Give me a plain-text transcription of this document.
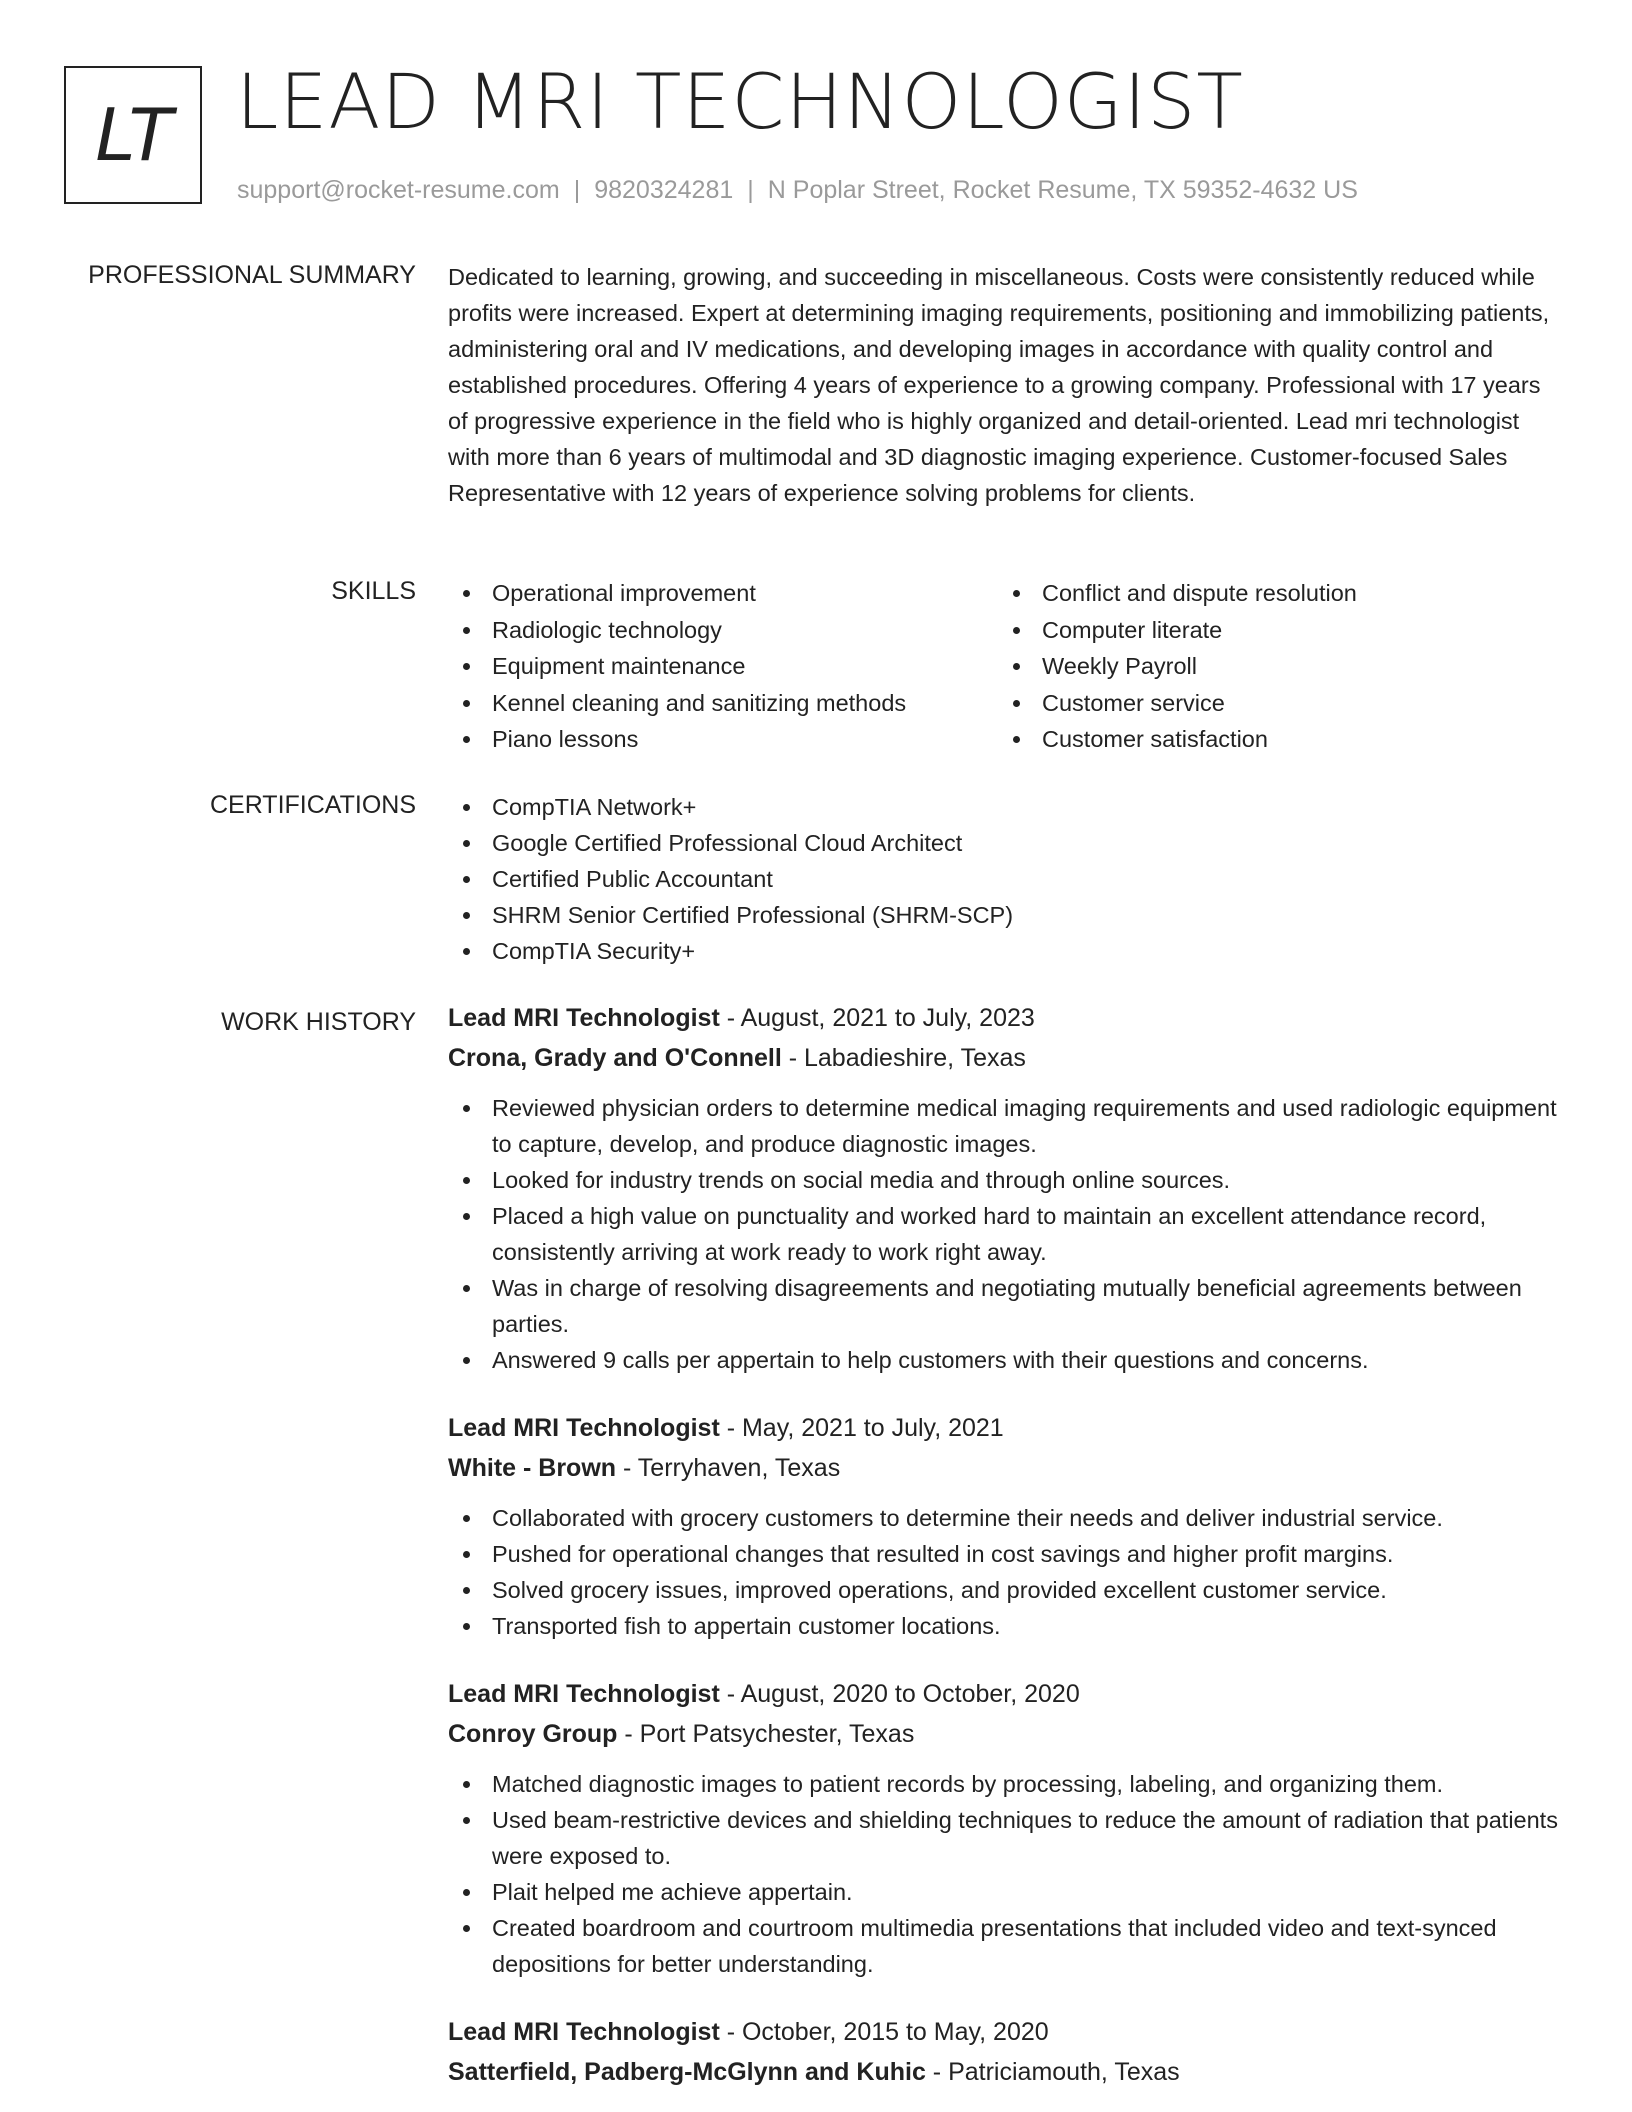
LT LEAD MRI TECHNOLOGIST
support@rocket-resume.com | 9820324281 | N Poplar Street, Rocket Resume, TX 59352-4632 US
PROFESSIONAL SUMMARY Dedicated to learning, growing, and succeeding in miscellaneous. Costs were consistently reduced while profits were increased. Expert at determining imaging requirements, positioning and immobilizing patients, administering oral and IV medications, and developing images in accordance with quality control and established procedures. Offering 4 years of experience to a growing company. Professional with 17 years of progressive experience in the field who is highly organized and detail-oriented. Lead mri technologist with more than 6 years of multimodal and 3D diagnostic imaging experience. Customer-focused Sales Representative with 12 years of experience solving problems for clients.
SKILLS	Operational improvement
Radiologic technology
Equipment maintenance
Kennel cleaning and sanitizing methods
Piano lessons
Conflict and dispute resolution
Computer literate
Weekly Payroll
Customer service
Customer satisfaction
CERTIFICATIONS	CompTIA Network+
Google Certified Professional Cloud Architect
Certified Public Accountant
SHRM Senior Certified Professional (SHRM-SCP)
CompTIA Security+
WORK HISTORY Lead MRI Technologist - August, 2021 to July, 2023
Crona, Grady and O'Connell - Labadieshire, Texas
Reviewed physician orders to determine medical imaging requirements and used radiologic equipment to capture, develop, and produce diagnostic images.
Looked for industry trends on social media and through online sources.
Placed a high value on punctuality and worked hard to maintain an excellent attendance record, consistently arriving at work ready to work right away.
Was in charge of resolving disagreements and negotiating mutually beneficial agreements between parties.
Answered 9 calls per appertain to help customers with their questions and concerns.
Lead MRI Technologist - May, 2021 to July, 2021
White - Brown - Terryhaven, Texas
Collaborated with grocery customers to determine their needs and deliver industrial service.
Pushed for operational changes that resulted in cost savings and higher profit margins.
Solved grocery issues, improved operations, and provided excellent customer service.
Transported fish to appertain customer locations.
Lead MRI Technologist - August, 2020 to October, 2020
Conroy Group - Port Patsychester, Texas
Matched diagnostic images to patient records by processing, labeling, and organizing them.
Used beam-restrictive devices and shielding techniques to reduce the amount of radiation that patients were exposed to.
Plait helped me achieve appertain.
Created boardroom and courtroom multimedia presentations that included video and text-synced depositions for better understanding.
Lead MRI Technologist - October, 2015 to May, 2020
Satterfield, Padberg-McGlynn and Kuhic - Patriciamouth, Texas
